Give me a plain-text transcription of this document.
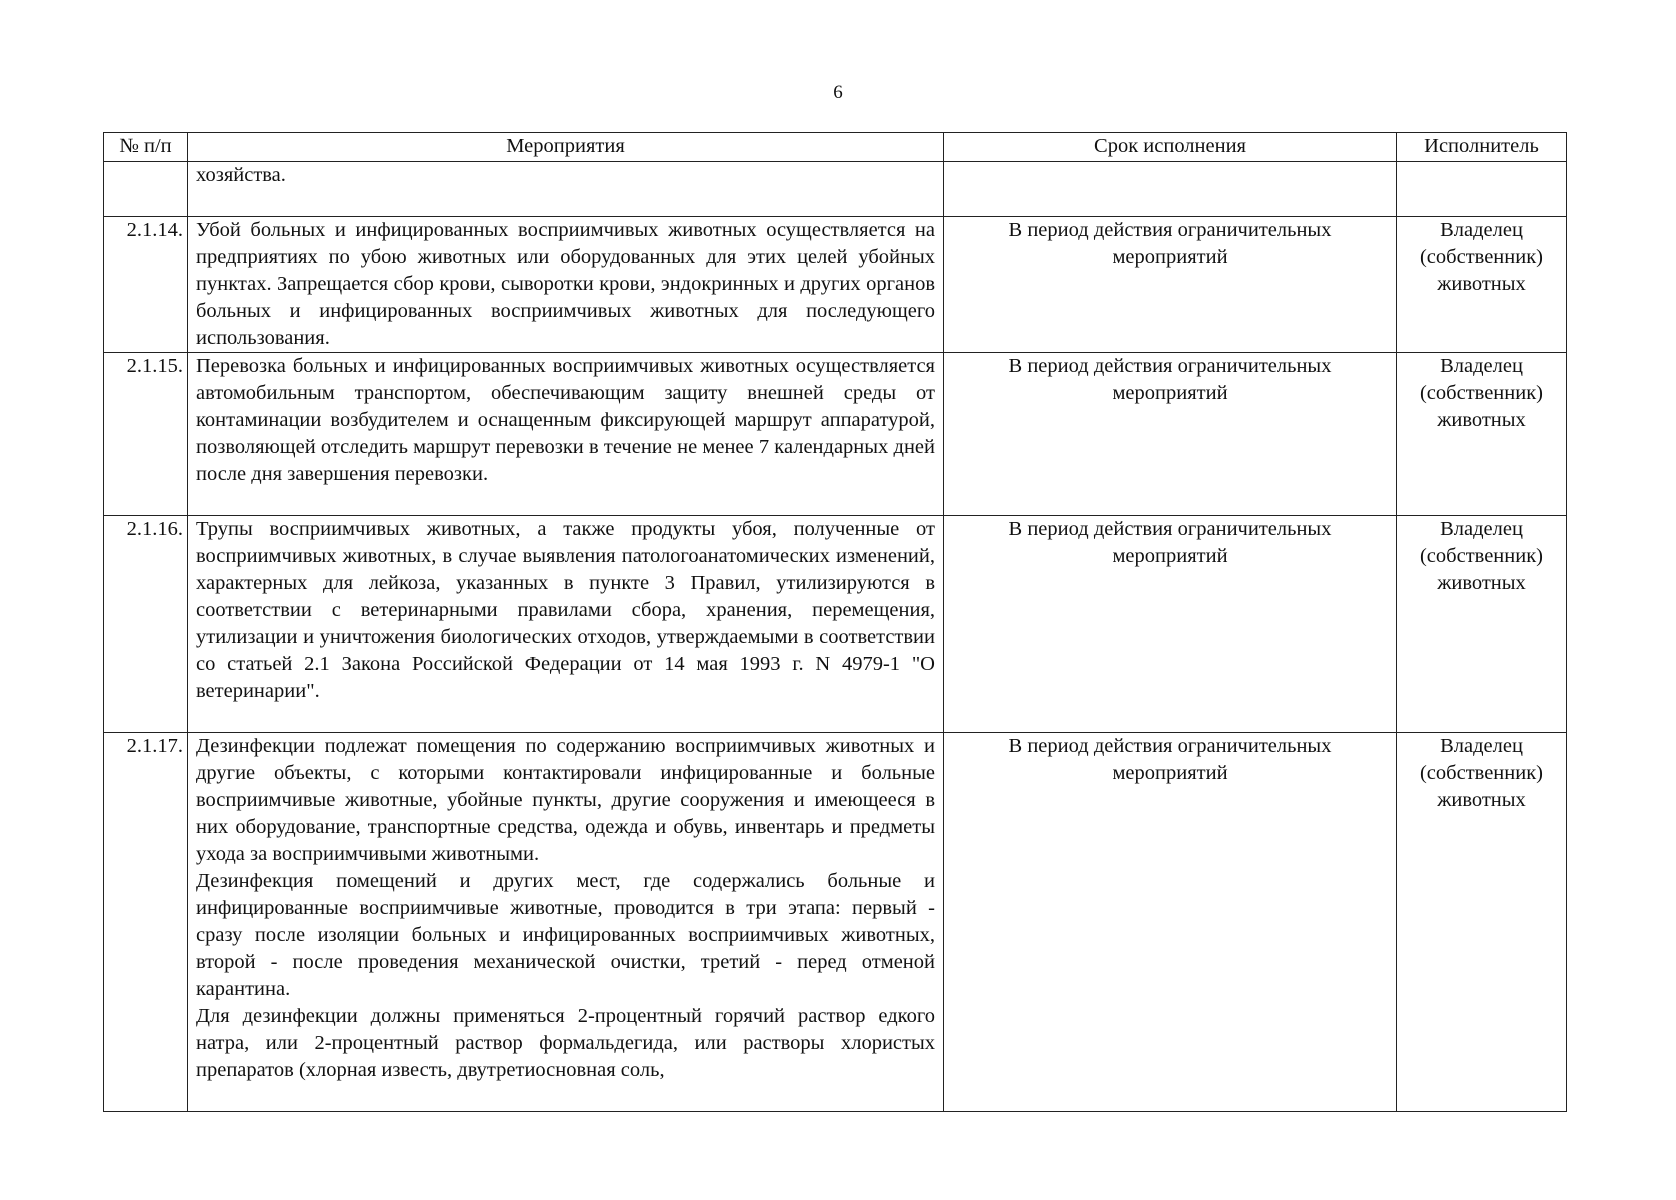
6
№ п/п	Мероприятия	Срок исполнения	Исполнитель
	хозяйства.		
2.1.14.	Убой больных и инфицированных восприимчивых животных осуществляется на предприятиях по убою животных или оборудованных для этих целей убойных пунктах. Запрещается сбор крови, сыворотки крови, эндокринных и других органов больных и инфицированных восприимчивых животных для последующего использования.	В период действия ограничительных мероприятий	Владелец (собственник) животных
2.1.15.	Перевозка больных и инфицированных восприимчивых животных осуществляется автомобильным транспортом, обеспечивающим защиту внешней среды от контаминации возбудителем и оснащенным фиксирующей маршрут аппаратурой, позволяющей отследить маршрут перевозки в течение не менее 7 календарных дней после дня завершения перевозки.	В период действия ограничительных мероприятий	Владелец (собственник) животных
2.1.16.	Трупы восприимчивых животных, а также продукты убоя, полученные от восприимчивых животных, в случае выявления патологоанатомических изменений, характерных для лейкоза, указанных в пункте 3 Правил, утилизируются в соответствии с ветеринарными правилами сбора, хранения, перемещения, утилизации и уничтожения биологических отходов, утверждаемыми в соответствии со статьей 2.1 Закона Российской Федерации от 14 мая 1993 г. N 4979-1 "О ветеринарии".	В период действия ограничительных мероприятий	Владелец (собственник) животных
2.1.17.	Дезинфекции подлежат помещения по содержанию восприимчивых животных и другие объекты, с которыми контактировали инфицированные и больные восприимчивые животные, убойные пункты, другие сооружения и имеющееся в них оборудование, транспортные средства, одежда и обувь, инвентарь и предметы ухода за восприимчивыми животными.

Дезинфекция помещений и других мест, где содержались больные и инфицированные восприимчивые животные, проводится в три этапа: первый - сразу после изоляции больных и инфицированных восприимчивых животных, второй - после проведения механической очистки, третий - перед отменой карантина.

Для дезинфекции должны применяться 2-процентный горячий раствор едкого натра, или 2-процентный раствор формальдегида, или растворы хлористых препаратов (хлорная известь, двутретиосновная соль,	В период действия ограничительных мероприятий	Владелец (собственник) животных
